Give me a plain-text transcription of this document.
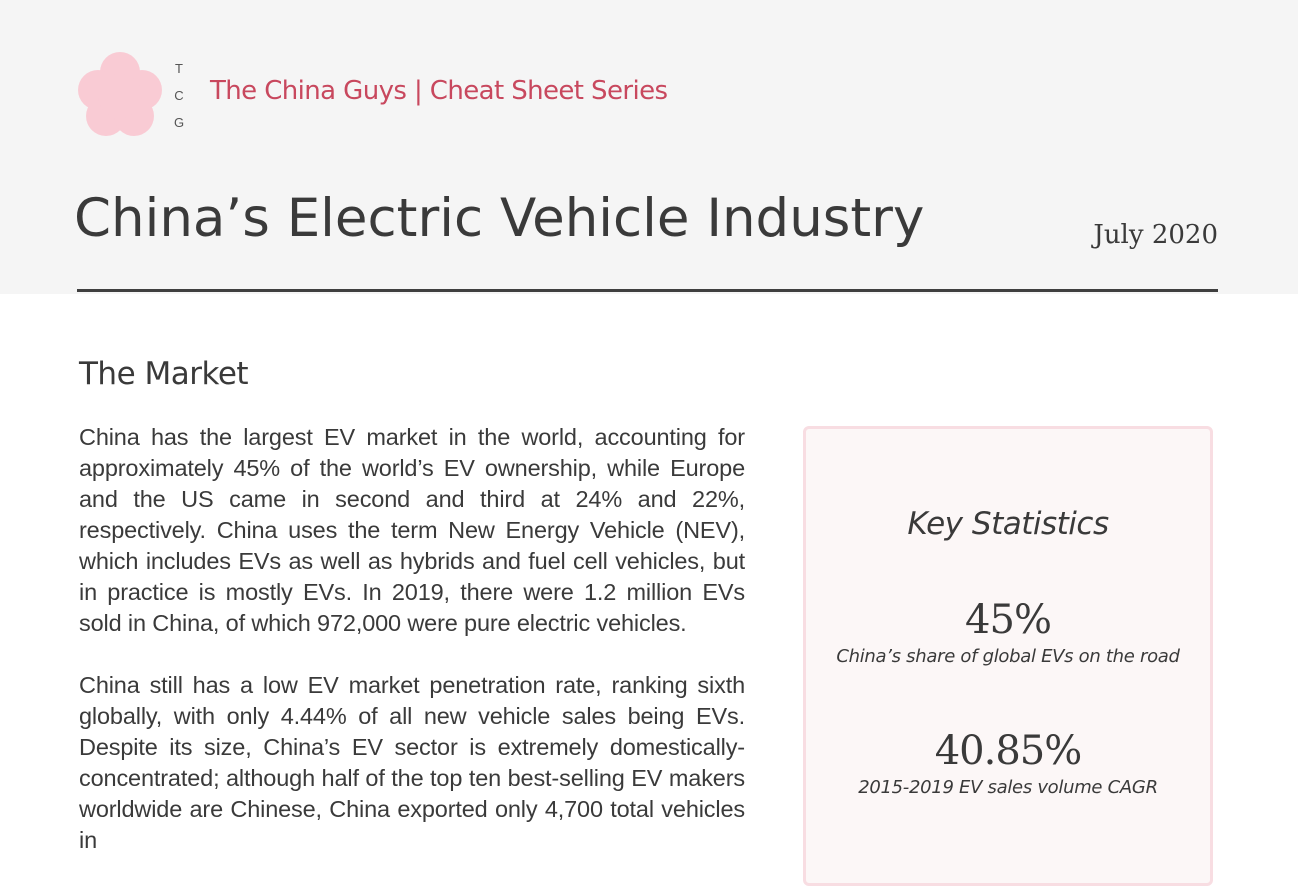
T
C
G
The China Guys | Cheat Sheet Series
China’s Electric Vehicle Industry	July 2020
The Market

China has the largest EV market in the world, accounting for approximately 45% of the world’s EV ownership, while Europe and the US came in second and third at 24% and 22%, respectively. China uses the term New Energy Vehicle (NEV), which includes EVs as well as hybrids and fuel cell vehicles, but in practice is mostly EVs. In 2019, there were 1.2 million EVs sold in China, of which 972,000 were pure electric vehicles.

China still has a low EV market penetration rate, ranking sixth globally, with only 4.44% of all new vehicle sales being EVs. Despite its size, China’s EV sector is extremely domestically-concentrated; although half of the top ten best-selling EV makers worldwide are Chinese, China exported only 4,700 total vehicles in

Key Statistics
45%
China’s share of global EVs on the road
40.85%
2015-2019 EV sales volume CAGR
